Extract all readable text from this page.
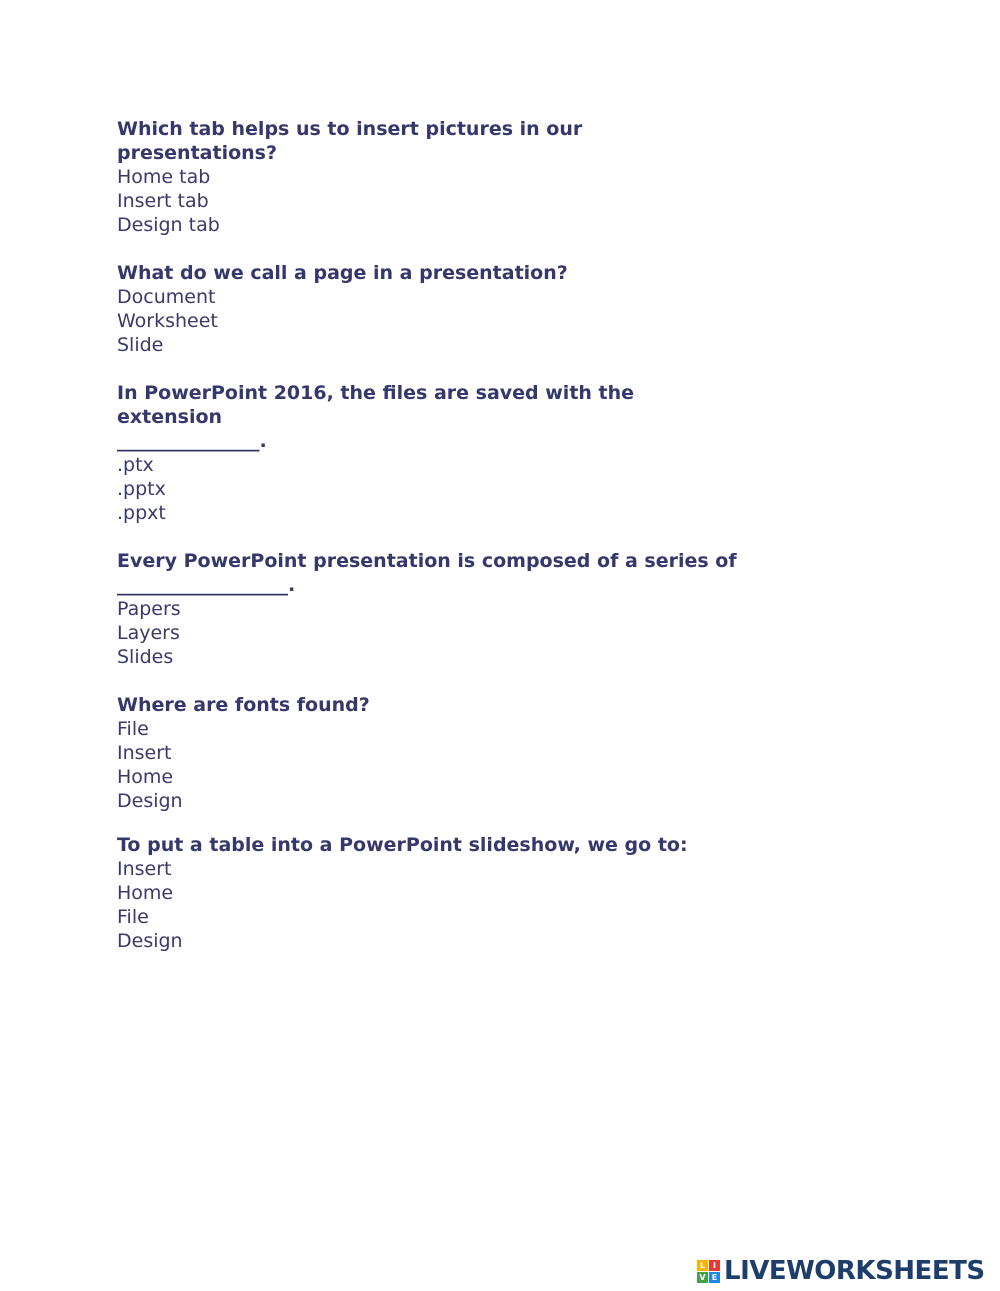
Which tab helps us to insert pictures in our presentations?
Home tab
Insert tab
Design tab
What do we call a page in a presentation?
Document
Worksheet
Slide
In PowerPoint 2016, the files are saved with the extension
_______________.
.ptx
.pptx
.ppxt
Every PowerPoint presentation is composed of a series of
__________________.
Papers
Layers
Slides
Where are fonts found?
File
Insert
Home
Design
To put a table into a PowerPoint slideshow, we go to:
Insert
Home
File
Design
L I
V E LIVEWORKSHEETS
